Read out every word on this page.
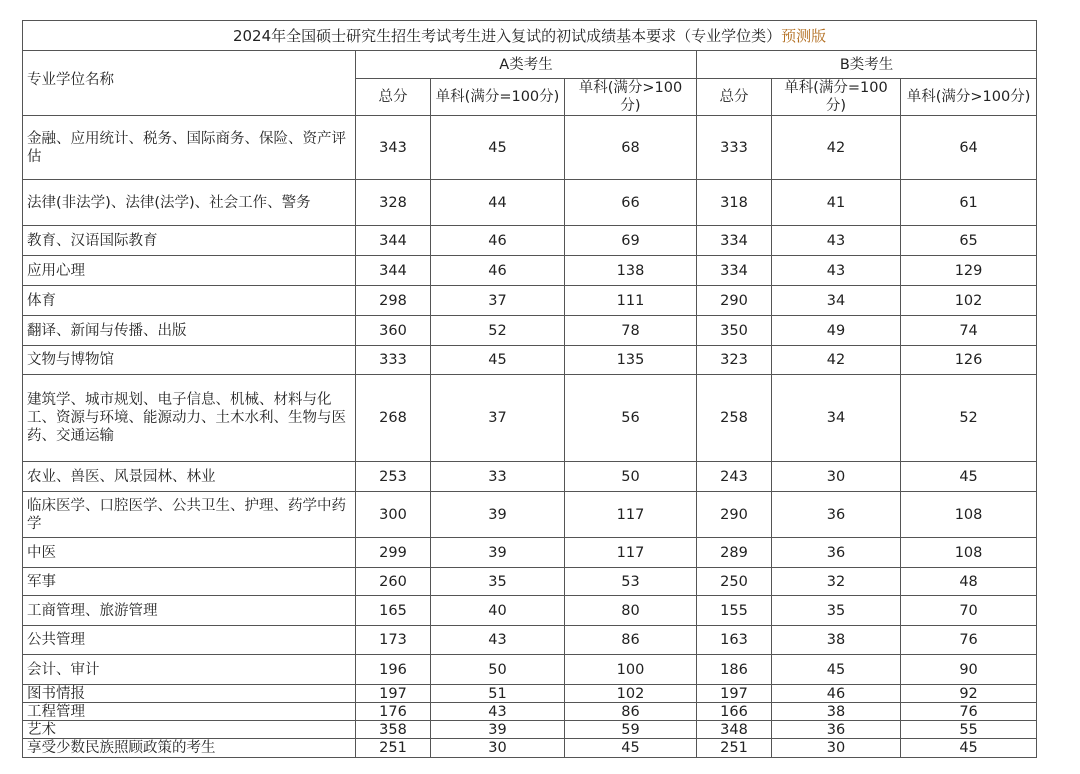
2024年全国硕士研究生招生考试考生进入复试的初试成绩基本要求（专业学位类）预测版						
专业学位名称	A类考生			B类考生		
	总分	单科(满分=100分)	单科(满分>100分)	总分	单科(满分=100分)	单科(满分>100分)
金融、应用统计、税务、国际商务、保险、资产评估	343	45	68	333	42	64
法律(非法学)、法律(法学)、社会工作、警务	328	44	66	318	41	61
教育、汉语国际教育	344	46	69	334	43	65
应用心理	344	46	138	334	43	129
体育	298	37	111	290	34	102
翻译、新闻与传播、出版	360	52	78	350	49	74
文物与博物馆	333	45	135	323	42	126
建筑学、城市规划、电子信息、机械、材料与化工、资源与环境、能源动力、土木水利、生物与医药、交通运输	268	37	56	258	34	52
农业、兽医、风景园林、林业	253	33	50	243	30	45
临床医学、口腔医学、公共卫生、护理、药学中药学	300	39	117	290	36	108
中医	299	39	117	289	36	108
军事	260	35	53	250	32	48
工商管理、旅游管理	165	40	80	155	35	70
公共管理	173	43	86	163	38	76
会计、审计	196	50	100	186	45	90
图书情报	197	51	102	197	46	92
工程管理	176	43	86	166	38	76
艺术	358	39	59	348	36	55
享受少数民族照顾政策的考生	251	30	45	251	30	45
